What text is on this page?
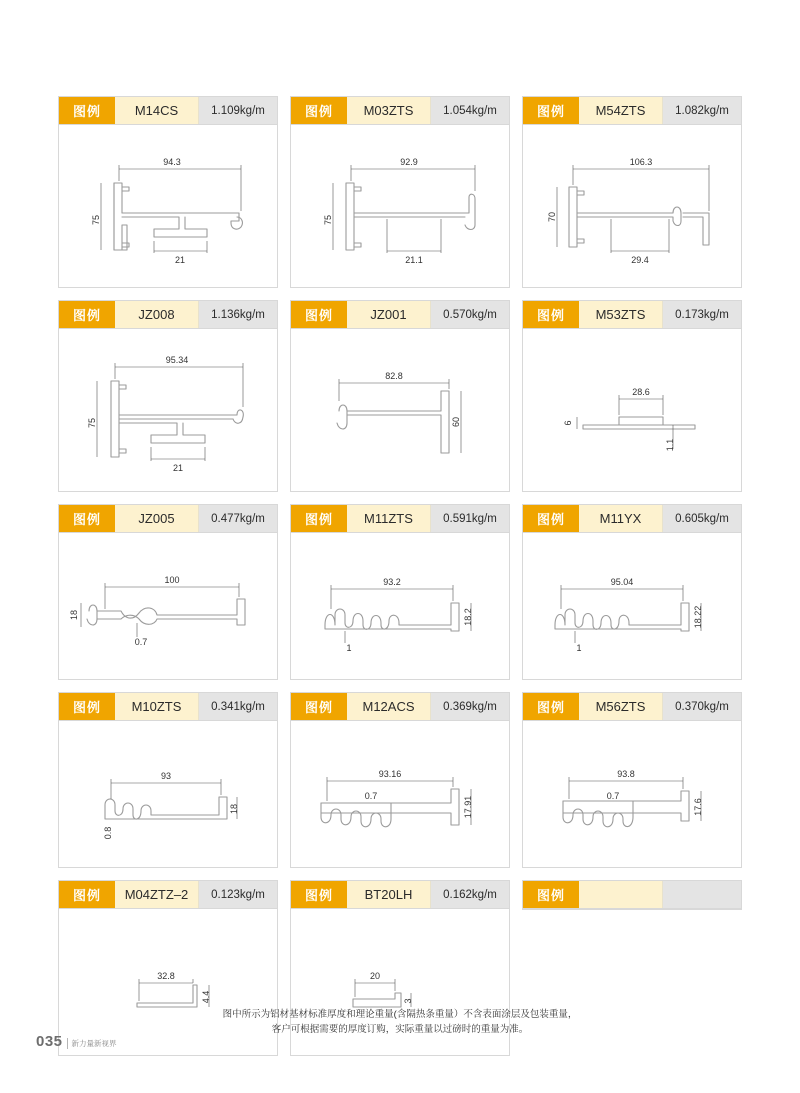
图例	M14CS	1.109kg/m
94.3
75
21
图例	M03ZTS	1.054kg/m
92.9
75
21.1
图例	M54ZTS	1.082kg/m
106.3
70
29.4
图例	JZ008	1.136kg/m
95.34
75
21
图例	JZ001	0.570kg/m
82.8
60
图例	M53ZTS	0.173kg/m
28.6
6
1.1
图例	JZ005	0.477kg/m
100
18
0.7
图例	M11ZTS	0.591kg/m
93.2
18.2
1
图例	M11YX	0.605kg/m
95.04
18.22
1
图例	M10ZTS	0.341kg/m
93
18
0.8
图例	M12ACS	0.369kg/m
93.16
17.91
0.7
图例	M56ZTS	0.370kg/m
93.8
17.6
0.7
图例	M04ZTZ–2	0.123kg/m
32.8
4.4
图例	BT20LH	0.162kg/m
20
3
图例
图中所示为铝材基材标准厚度和理论重量(含隔热条重量）不含表面涂层及包装重量，
客户可根据需要的厚度订购，实际重量以过磅时的重量为准。
035	新力量新视界
